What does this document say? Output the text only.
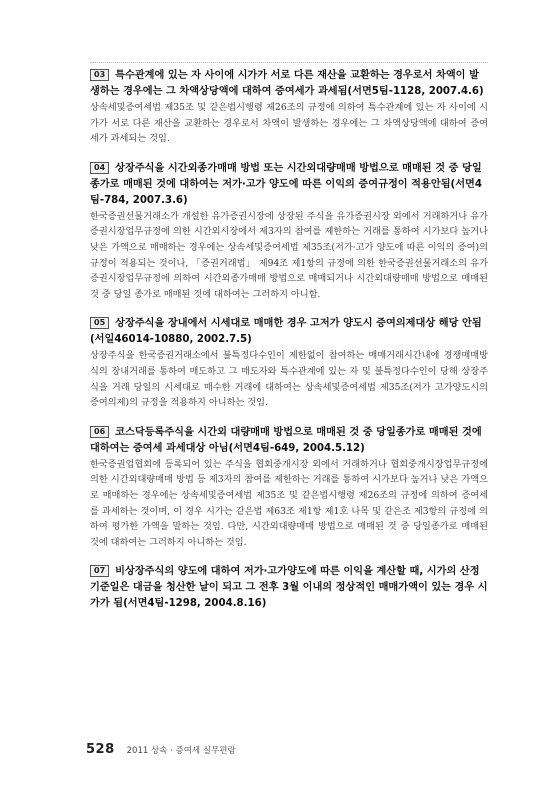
03 특수관계에 있는 자 사이에 시가가 서로 다른 재산을 교환하는 경우로서 차액이 발생하는 경우에는 그 차액상당액에 대하여 증여세가 과세됨(서면5팀-1128, 2007.4.6)
상속세및증여세법 제35조 및 같은법시행령 제26조의 규정에 의하여 특수관계에 있는 자 사이에 시가가 서로 다른 재산을 교환하는 경우로서 차액이 발생하는 경우에는 그 차액상당액에 대하여 증여세가 과세되는 것임.
04 상장주식을 시간외종가매매 방법 또는 시간외대량매매 방법으로 매매된 것 중 당일 종가로 매매된 것에 대하여는 저가·고가 양도에 따른 이익의 증여규정이 적용안됨(서면4팀-784, 2007.3.6)
한국증권선물거래소가 개설한 유가증권시장에 상장된 주식을 유가증권시장 외에서 거래하거나 유가증권시장업무규정에 의한 시간외시장에서 제3자의 참여를 제한하는 거래를 통하여 시가보다 높거나 낮은 가액으로 매매하는 경우에는 상속세및증여세법 제35조(저가·고가 양도에 따른 이익의 증여)의 규정이 적용되는 것이나, 「증권거래법」 제94조 제1항의 규정에 의한 한국증권선물거래소의 유가증권시장업무규정에 의하여 시간외종가매매 방법으로 매매되거나 시간외대량매매 방법으로 매매된 것 중 당일 종가로 매매된 것에 대하여는 그러하지 아니함.
05 상장주식을 장내에서 시세대로 매매한 경우 고저가 양도시 증여의제대상 해당 안됨(서일46014-10880, 2002.7.5)
상장주식을 한국증권거래소에서 불특정다수인이 제한없이 참여하는 매매거래시간내에 경쟁매매방식의 장내거래를 통하여 매도하고 그 매도자와 특수관계에 있는 자 및 불특정다수인이 당해 상장주식을 거래 당일의 시세대로 매수한 거래에 대하여는 상속세및증여세법 제35조(저가 고가양도시의 증여의제)의 규정을 적용하지 아니하는 것임.
06 코스닥등록주식을 시간외 대량매매 방법으로 매매된 것 중 당일종가로 매매된 것에 대하여는 증여세 과세대상 아님(서면4팀-649, 2004.5.12)
한국증권업협회에 등록되어 있는 주식을 협회중개시장 외에서 거래하거나 협회중개시장업무규정에 의한 시간외대량매매 방법 등 제3자의 참여를 제한하는 거래를 통하여 시가보다 높거나 낮은 가액으로 매매하는 경우에는 상속세및증여세법 제35조 및 같은법시행령 제26조의 규정에 의하여 증여세를 과세하는 것이며, 이 경우 시가는 같은법 제63조 제1항 제1호 나목 및 같은조 제3항의 규정에 의하여 평가한 가액을 말하는 것임. 다만, 시간외대량매매 방법으로 매매된 것 중 당일종가로 매매된 것에 대하여는 그러하지 아니하는 것임.
07 비상장주식의 양도에 대하여 저가·고가양도에 따른 이익을 계산할 때, 시가의 산정기준일은 대금을 청산한 날이 되고 그 전후 3월 이내의 정상적인 매매가액이 있는 경우 시가가 됨(서면4팀-1298, 2004.8.16)
528 2011 상속 · 증여세 실무편람
